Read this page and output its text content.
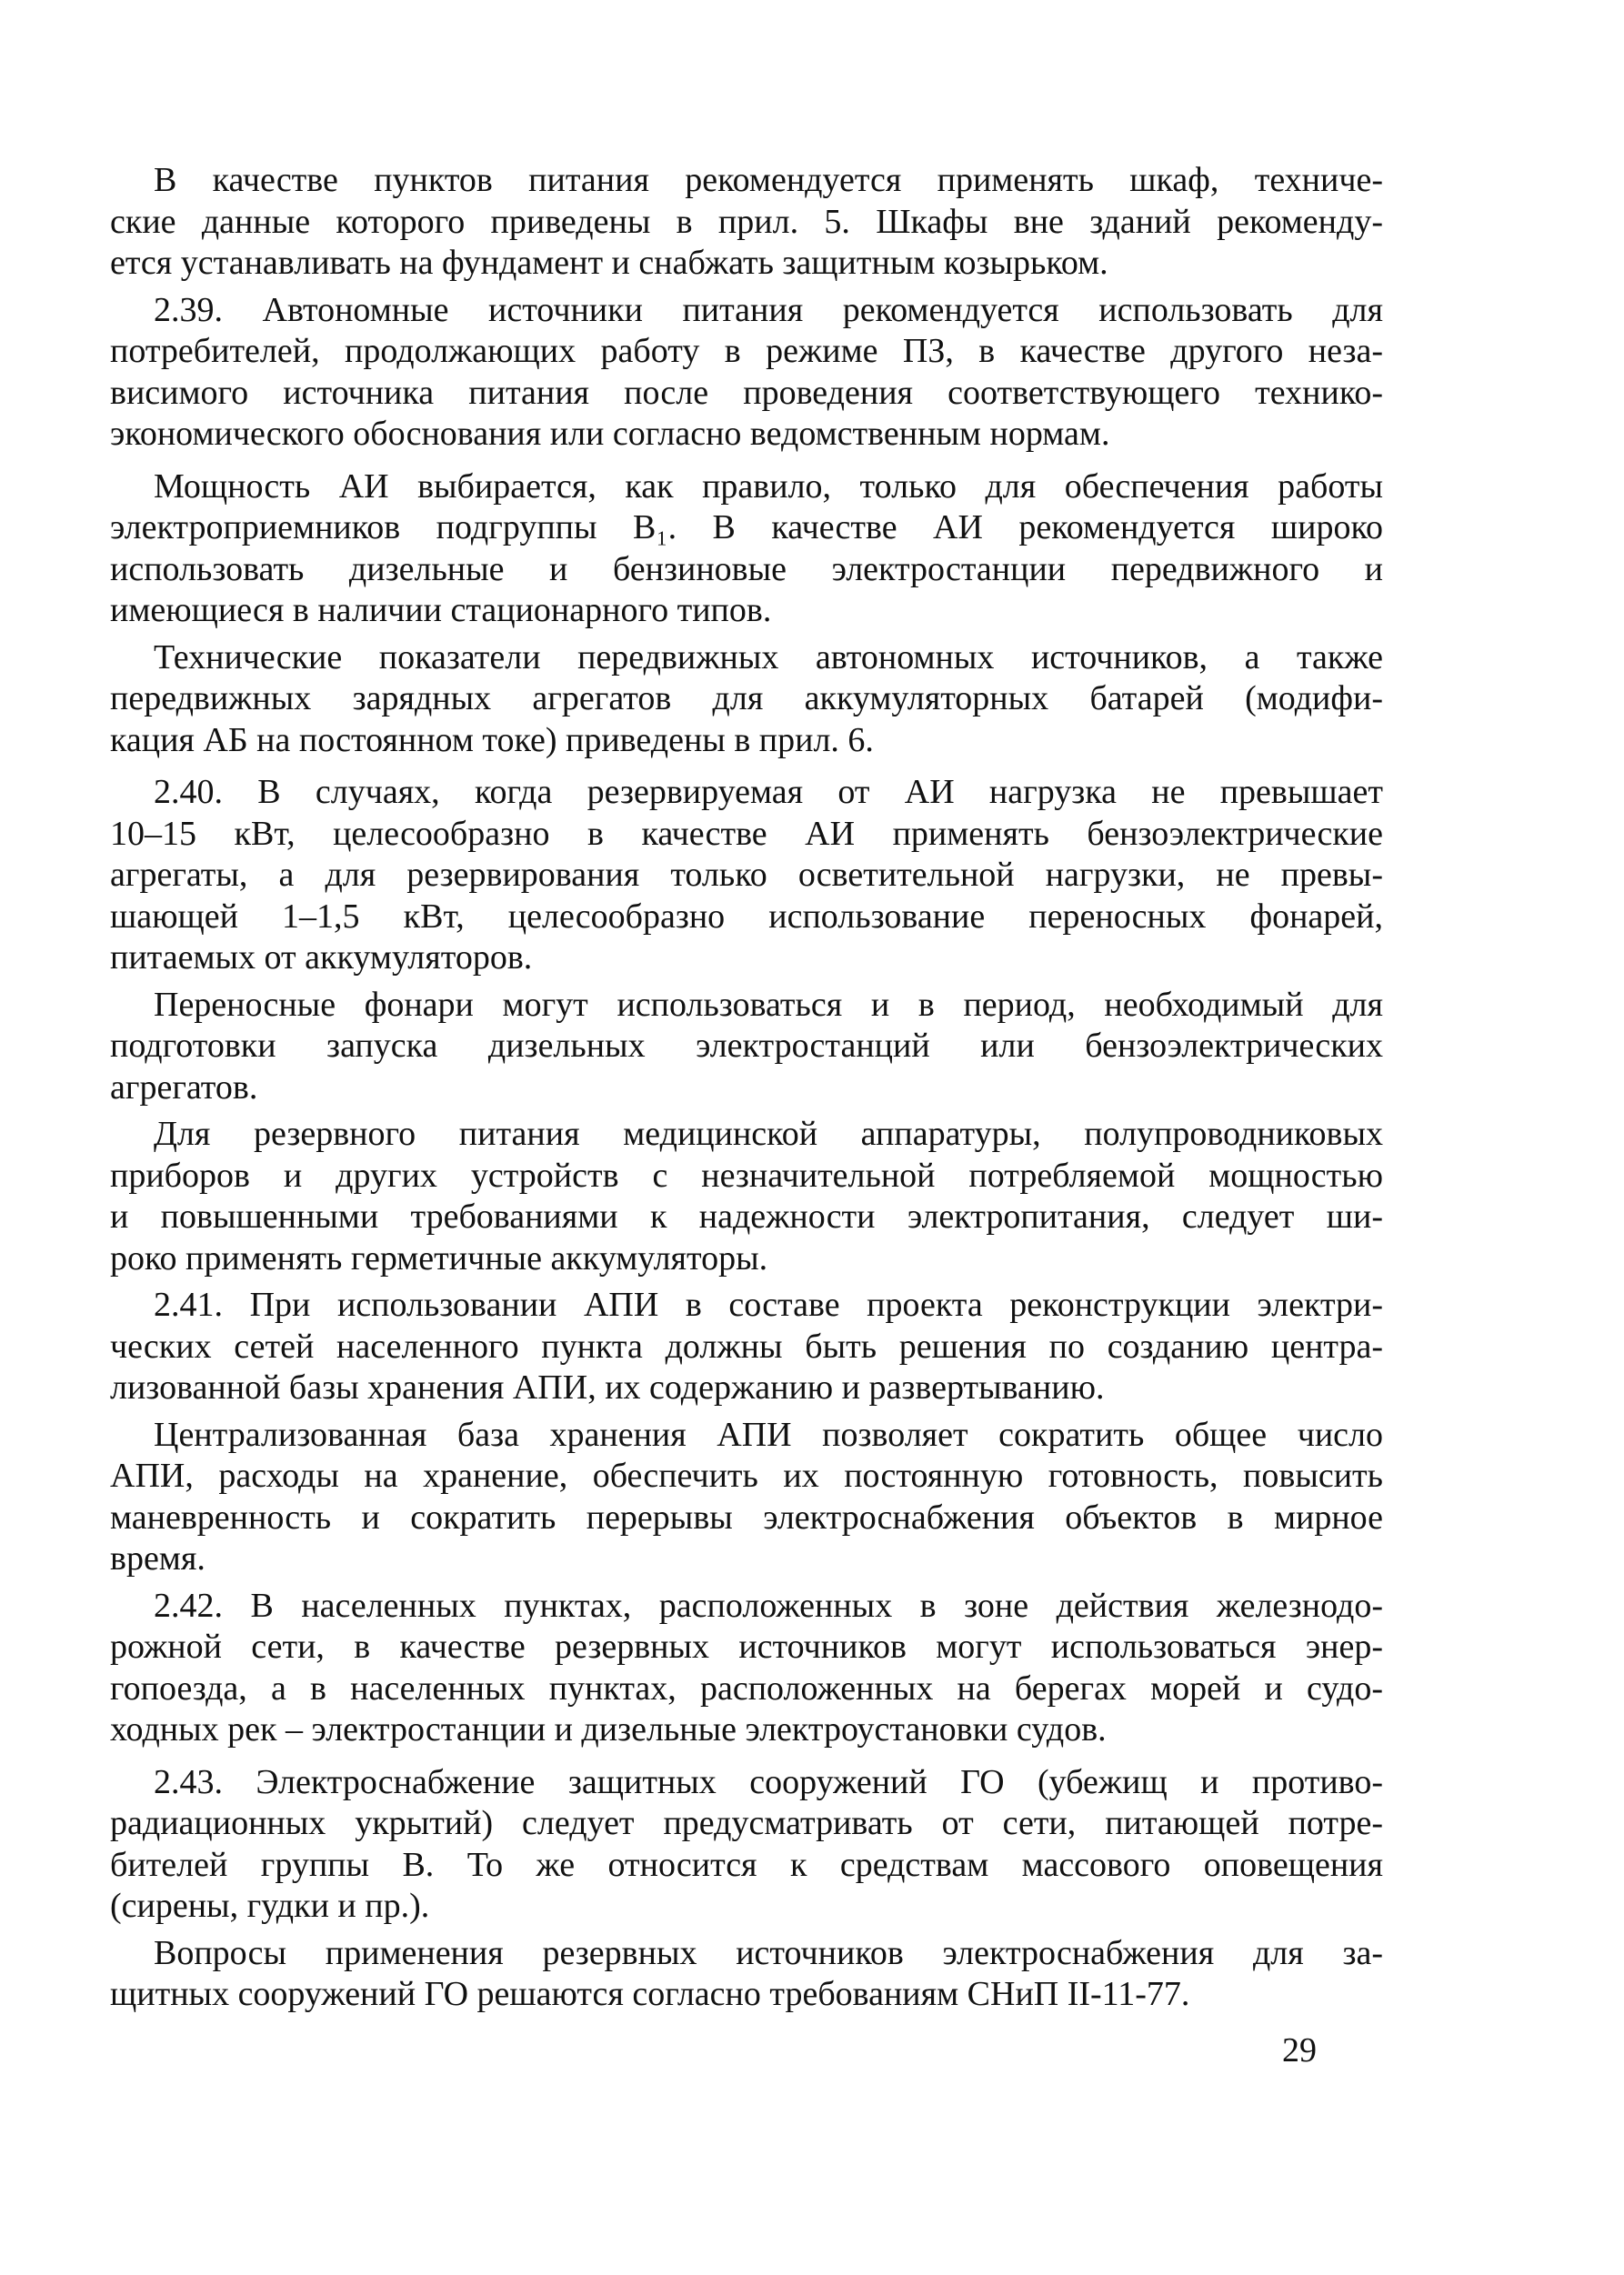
В качестве пунктов питания рекомендуется применять шкаф, техниче-
ские данные которого приведены в прил. 5. Шкафы вне зданий рекоменду-
ется устанавливать на фундамент и снабжать защитным козырьком.
2.39. Автономные источники питания рекомендуется использовать для
потребителей, продолжающих работу в режиме ПЗ, в качестве другого неза-
висимого источника питания после проведения соответствующего технико-
экономического обоснования или согласно ведомственным нормам.
Мощность АИ выбирается, как правило, только для обеспечения работы
электроприемников подгруппы В₁. В качестве АИ рекомендуется широко
использовать дизельные и бензиновые электростанции передвижного и
имеющиеся в наличии стационарного типов.
Технические показатели передвижных автономных источников, а также
передвижных зарядных агрегатов для аккумуляторных батарей (модифи-
кация АБ на постоянном токе) приведены в прил. 6.
2.40. В случаях, когда резервируемая от АИ нагрузка не превышает
10–15 кВт, целесообразно в качестве АИ применять бензоэлектрические
агрегаты, а для резервирования только осветительной нагрузки, не превы-
шающей 1–1,5 кВт, целесообразно использование переносных фонарей,
питаемых от аккумуляторов.
Переносные фонари могут использоваться и в период, необходимый для
подготовки запуска дизельных электростанций или бензоэлектрических
агрегатов.
Для резервного питания медицинской аппаратуры, полупроводниковых
приборов и других устройств с незначительной потребляемой мощностью
и повышенными требованиями к надежности электропитания, следует ши-
роко применять герметичные аккумуляторы.
2.41. При использовании АПИ в составе проекта реконструкции электри-
ческих сетей населенного пункта должны быть решения по созданию центра-
лизованной базы хранения АПИ, их содержанию и развертыванию.
Централизованная база хранения АПИ позволяет сократить общее число
АПИ, расходы на хранение, обеспечить их постоянную готовность, повысить
маневренность и сократить перерывы электроснабжения объектов в мирное
время.
2.42. В населенных пунктах, расположенных в зоне действия железнодо-
рожной сети, в качестве резервных источников могут использоваться энер-
гопоезда, а в населенных пунктах, расположенных на берегах морей и судо-
ходных рек – электростанции и дизельные электроустановки судов.
2.43. Электроснабжение защитных сооружений ГО (убежищ и противо-
радиационных укрытий) следует предусматривать от сети, питающей потре-
бителей группы В. То же относится к средствам массового оповещения
(сирены, гудки и пр.).
Вопросы применения резервных источников электроснабжения для за-
щитных сооружений ГО решаются согласно требованиям СНиП II-11-77.
29
